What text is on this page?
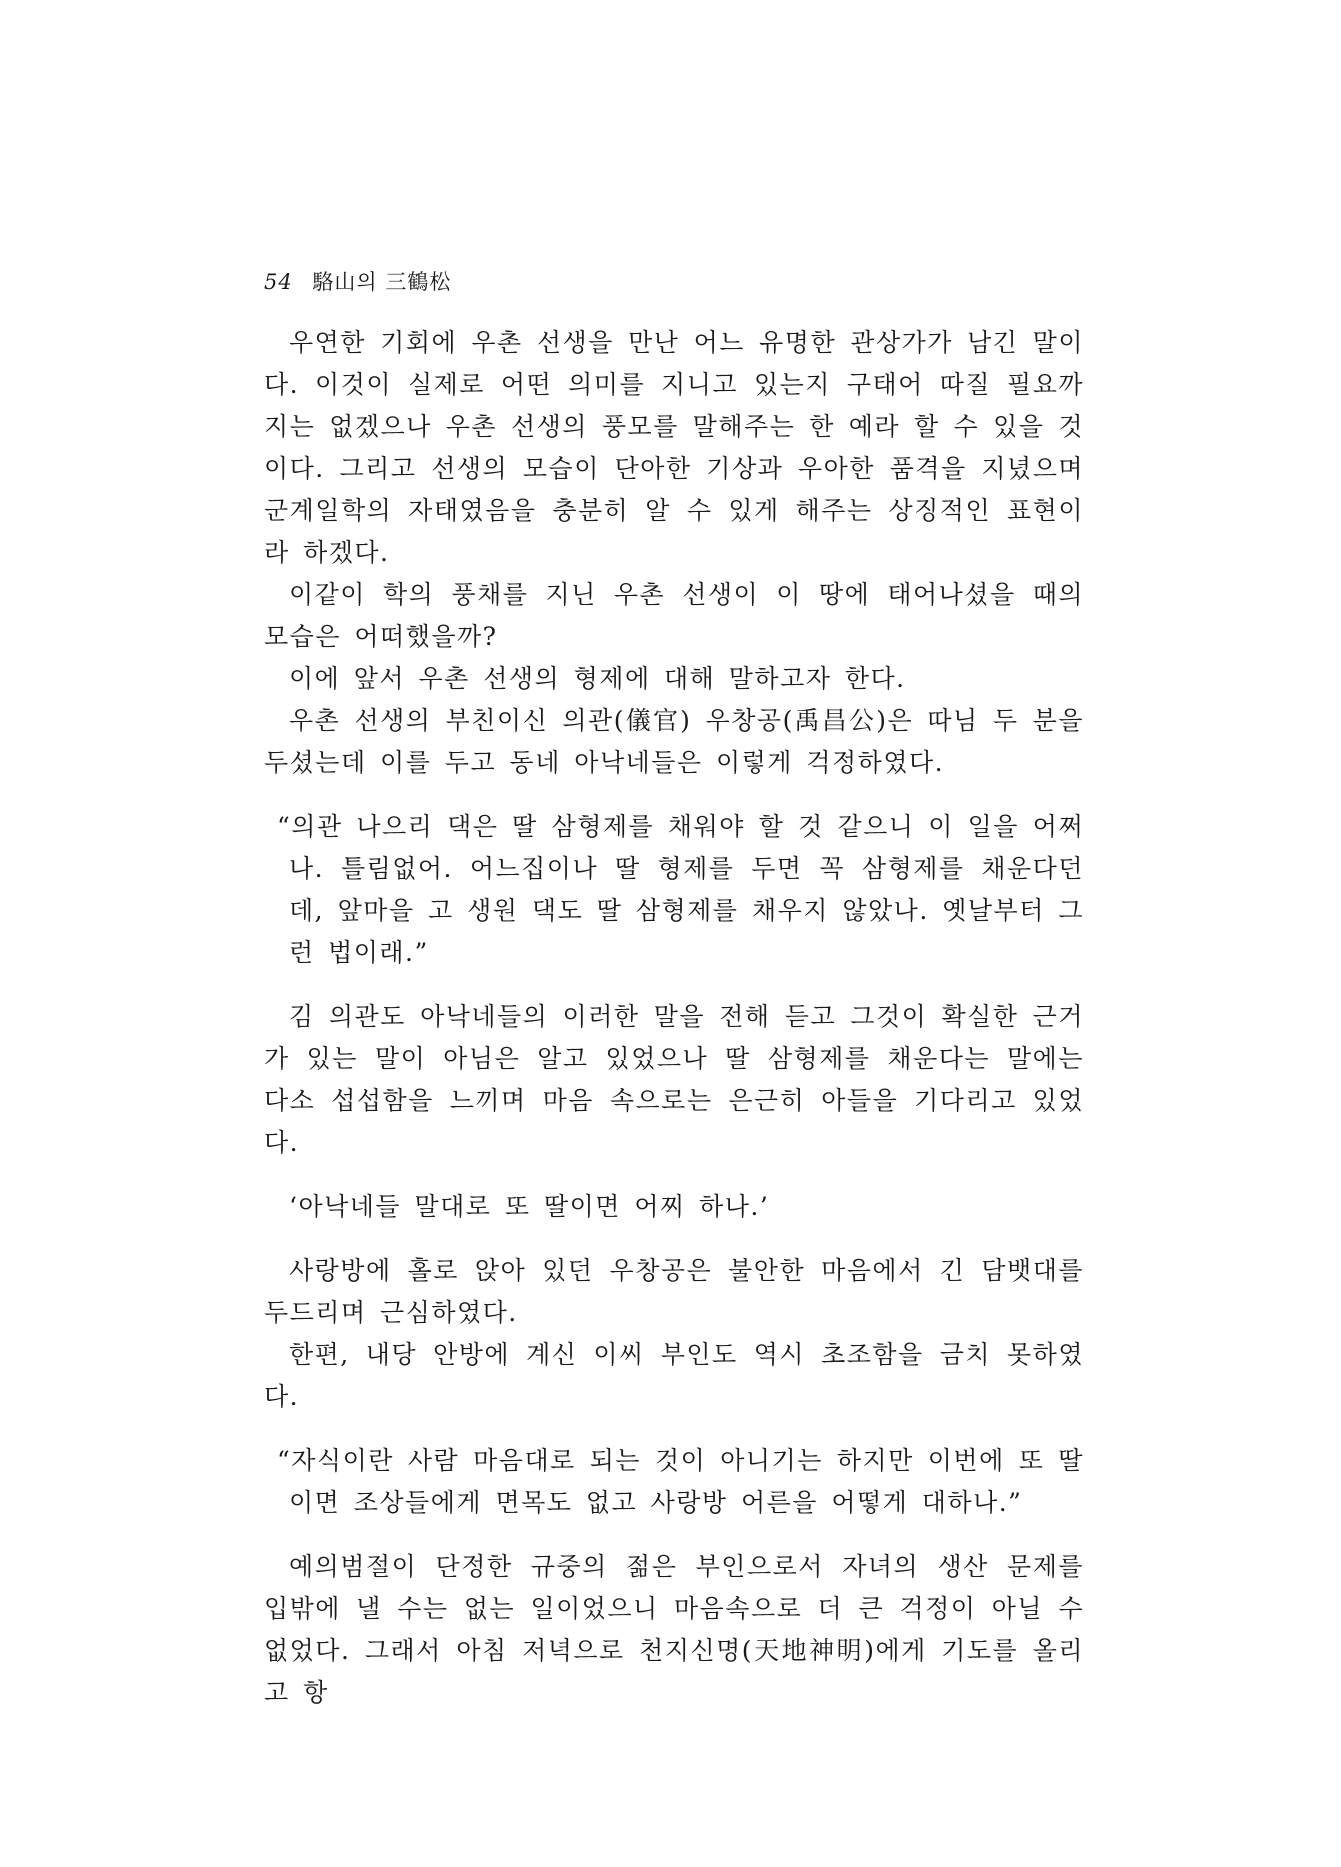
54 駱山의 三鶴松

우연한 기회에 우촌 선생을 만난 어느 유명한 관상가가 남긴 말이다. 이것이 실제로 어떤 의미를 지니고 있는지 구태어 따질 필요까지는 없겠으나 우촌 선생의 풍모를 말해주는 한 예라 할 수 있을 것이다. 그리고 선생의 모습이 단아한 기상과 우아한 품격을 지녔으며 군계일학의 자태였음을 충분히 알 수 있게 해주는 상징적인 표현이라 하겠다.

이같이 학의 풍채를 지닌 우촌 선생이 이 땅에 태어나셨을 때의 모습은 어떠했을까?

이에 앞서 우촌 선생의 형제에 대해 말하고자 한다.

우촌 선생의 부친이신 의관(儀官) 우창공(禹昌公)은 따님 두 분을 두셨는데 이를 두고 동네 아낙네들은 이렇게 걱정하였다.

“의관 나으리 댁은 딸 삼형제를 채워야 할 것 같으니 이 일을 어쩌나. 틀림없어. 어느집이나 딸 형제를 두면 꼭 삼형제를 채운다던데, 앞마을 고 생원 댁도 딸 삼형제를 채우지 않았나. 옛날부터 그런 법이래.”

김 의관도 아낙네들의 이러한 말을 전해 듣고 그것이 확실한 근거가 있는 말이 아님은 알고 있었으나 딸 삼형제를 채운다는 말에는 다소 섭섭함을 느끼며 마음 속으로는 은근히 아들을 기다리고 있었다.

‘아낙네들 말대로 또 딸이면 어찌 하나.’

사랑방에 홀로 앉아 있던 우창공은 불안한 마음에서 긴 담뱃대를 두드리며 근심하였다.

한편, 내당 안방에 계신 이씨 부인도 역시 초조함을 금치 못하였다.

“자식이란 사람 마음대로 되는 것이 아니기는 하지만 이번에 또 딸이면 조상들에게 면목도 없고 사랑방 어른을 어떻게 대하나.”

예의범절이 단정한 규중의 젊은 부인으로서 자녀의 생산 문제를 입밖에 낼 수는 없는 일이었으니 마음속으로 더 큰 걱정이 아닐 수 없었다. 그래서 아침 저녁으로 천지신명(天地神明)에게 기도를 올리고 항
